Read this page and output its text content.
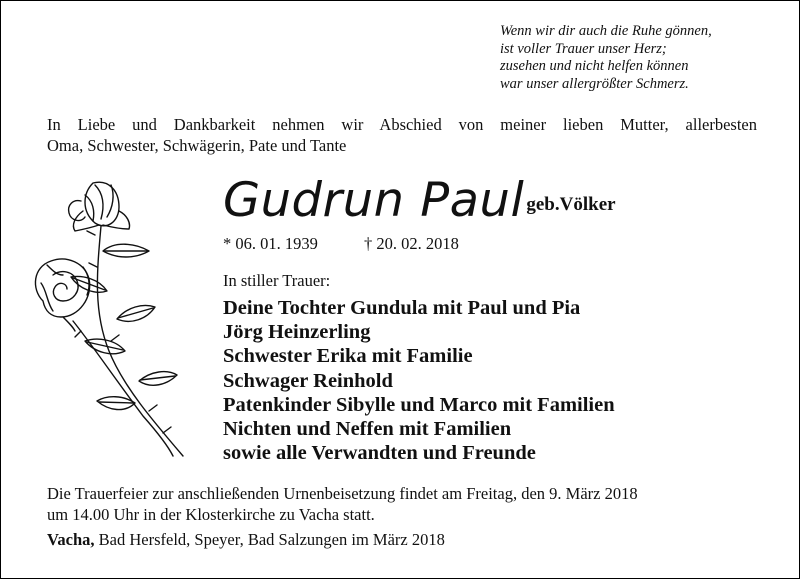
Wenn wir dir auch die Ruhe gönnen,
ist voller Trauer unser Herz;
zusehen und nicht helfen können
war unser allergrößter Schmerz.
In Liebe und Dankbarkeit nehmen wir Abschied von meiner lieben Mutter, allerbesten
Oma, Schwester, Schwägerin, Pate und Tante
Gudrun Paul geb.Völker
* 06. 01. 1939	† 20. 02. 2018
In stiller Trauer:
Deine Tochter Gundula mit Paul und Pia
Jörg Heinzerling
Schwester Erika mit Familie
Schwager Reinhold
Patenkinder Sibylle und Marco mit Familien
Nichten und Neffen mit Familien
sowie alle Verwandten und Freunde
Die Trauerfeier zur anschließenden Urnenbeisetzung findet am Freitag, den 9. März 2018
um 14.00 Uhr in der Klosterkirche zu Vacha statt.
Vacha, Bad Hersfeld, Speyer, Bad Salzungen im März 2018
